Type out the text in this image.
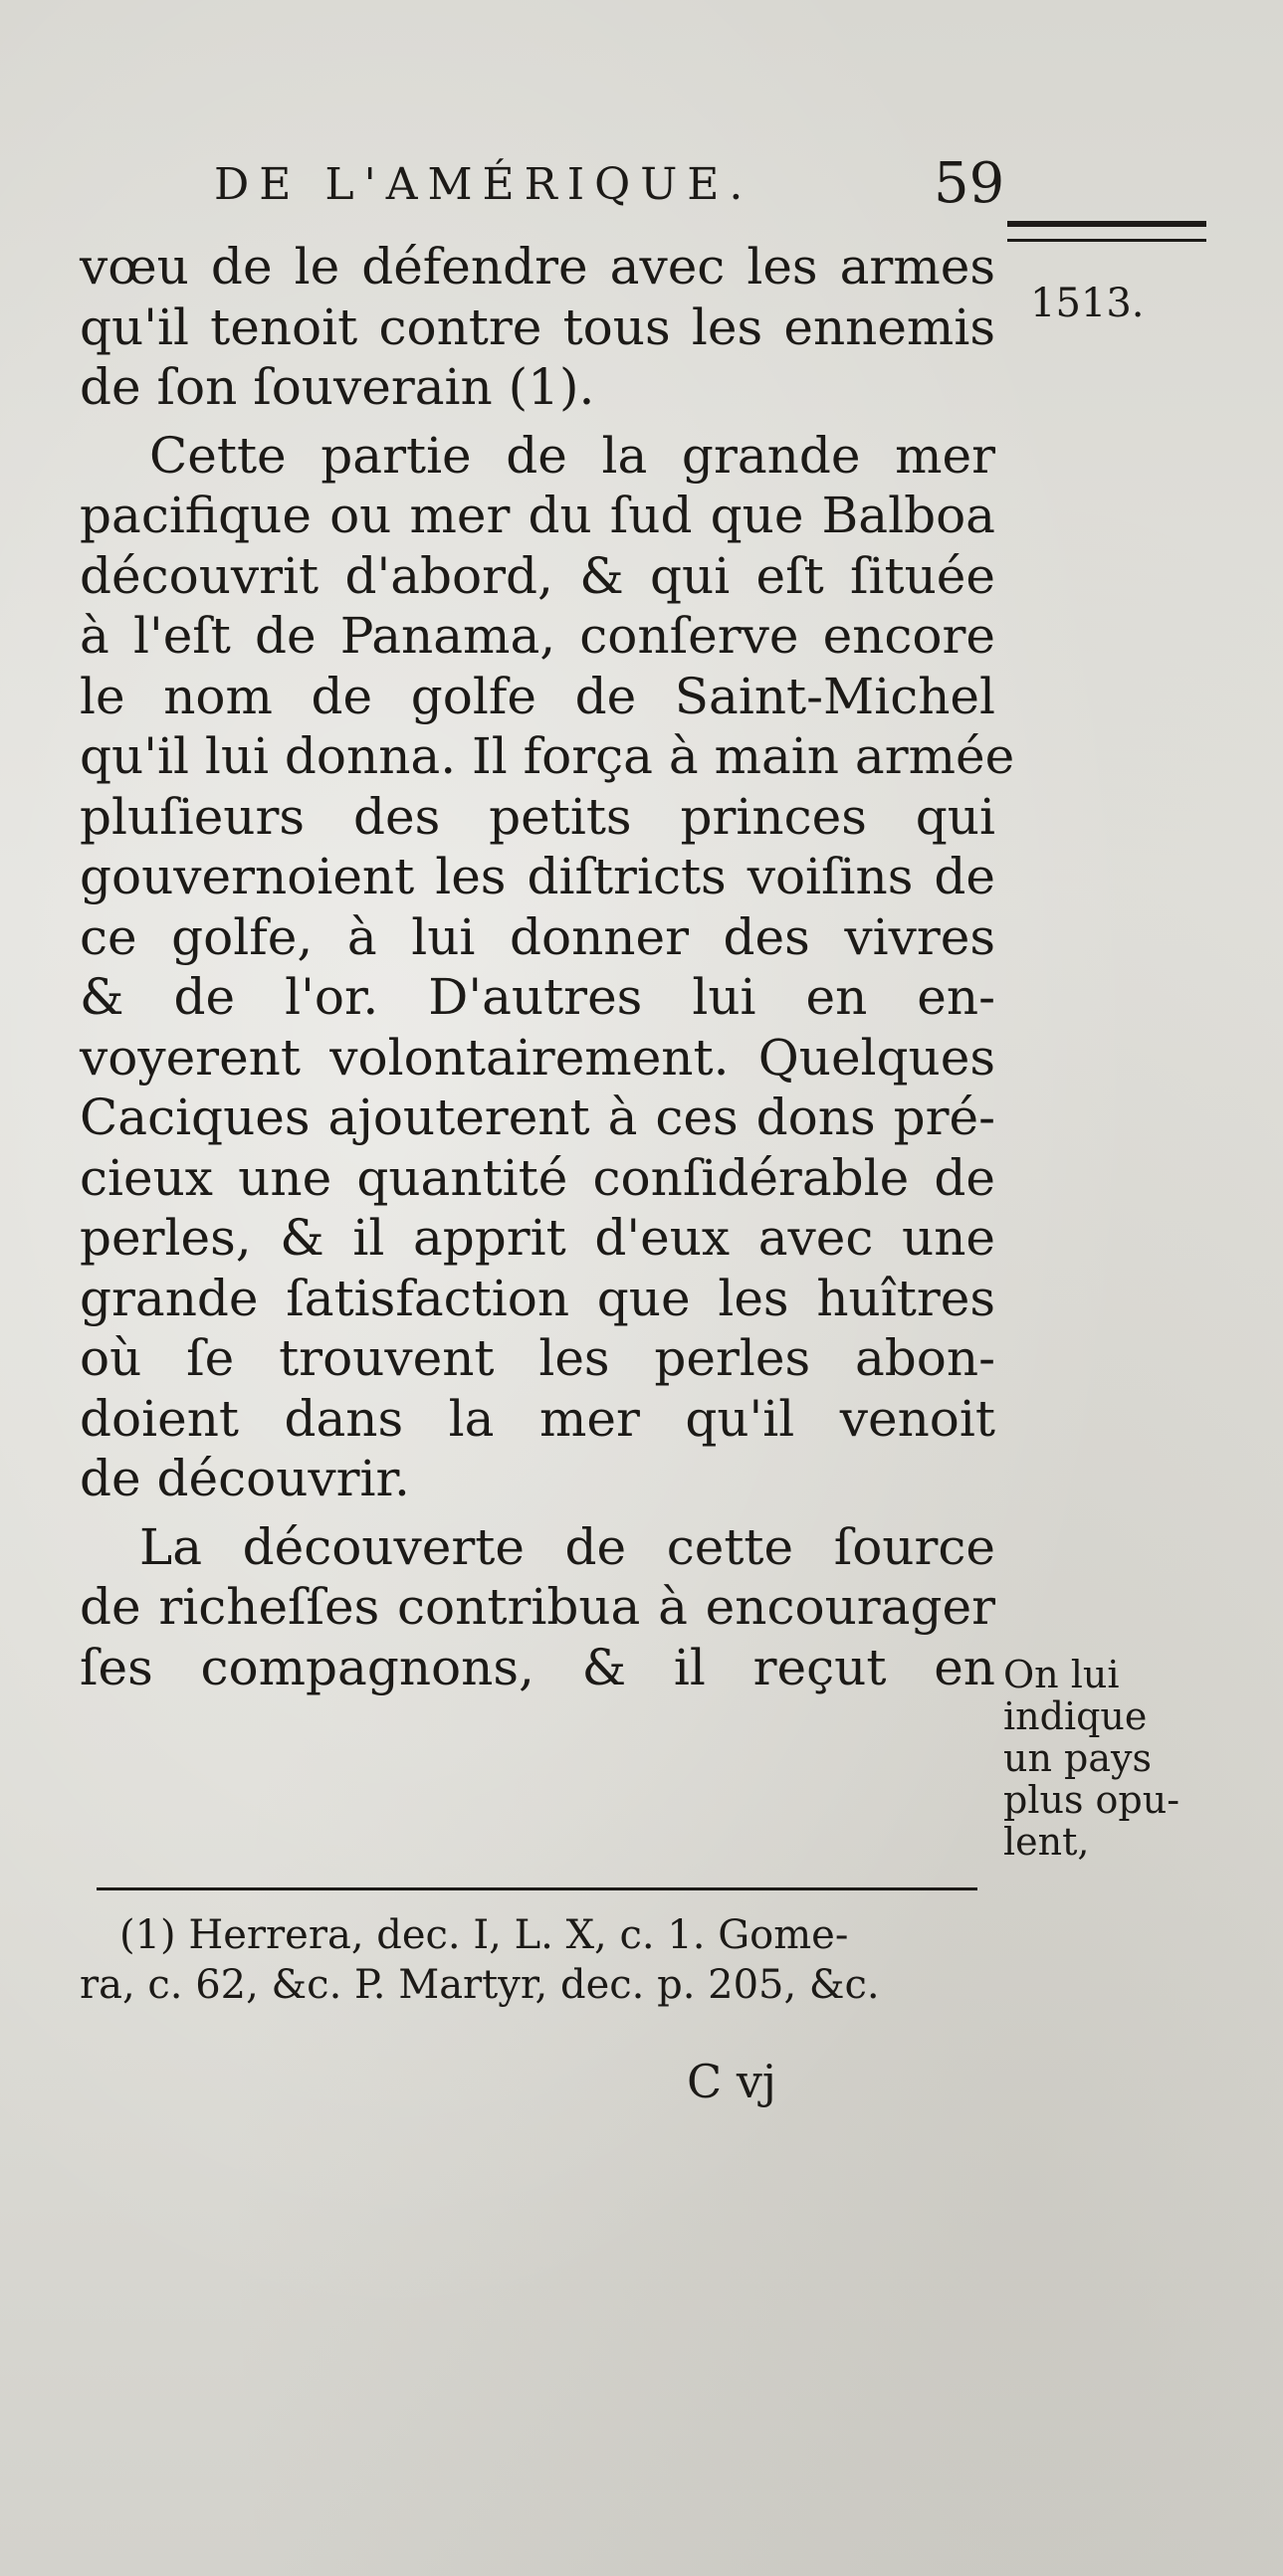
DE L'AMÉRIQUE.	59
1513.
vœu de le défendre avec les armes
qu'il tenoit contre tous les ennemis
de ſon ſouverain (1).
Cette partie de la grande mer
pacifique ou mer du ſud que Balboa
découvrit d'abord, & qui eſt ſituée
à l'eſt de Panama, conſerve encore
le nom de golfe de Saint-Michel
qu'il lui donna. Il força à main armée
pluſieurs des petits princes qui
gouvernoient les diſtricts voiſins de
ce golfe, à lui donner des vivres
& de l'or. D'autres lui en en-
voyerent volontairement. Quelques
Caciques ajouterent à ces dons pré-
cieux une quantité conſidérable de
perles, & il apprit d'eux avec une
grande ſatisfaction que les huîtres
où ſe trouvent les perles abon-
doient dans la mer qu'il venoit
de découvrir.
La découverte de cette ſource
de richeſſes contribua à encourager
ſes compagnons, & il reçut en On lui
indique
un pays
plus opu-
lent,
(1) Herrera, dec. I, L. X, c. 1. Gome-
ra, c. 62, &c. P. Martyr, dec. p. 205, &c.
C vj
